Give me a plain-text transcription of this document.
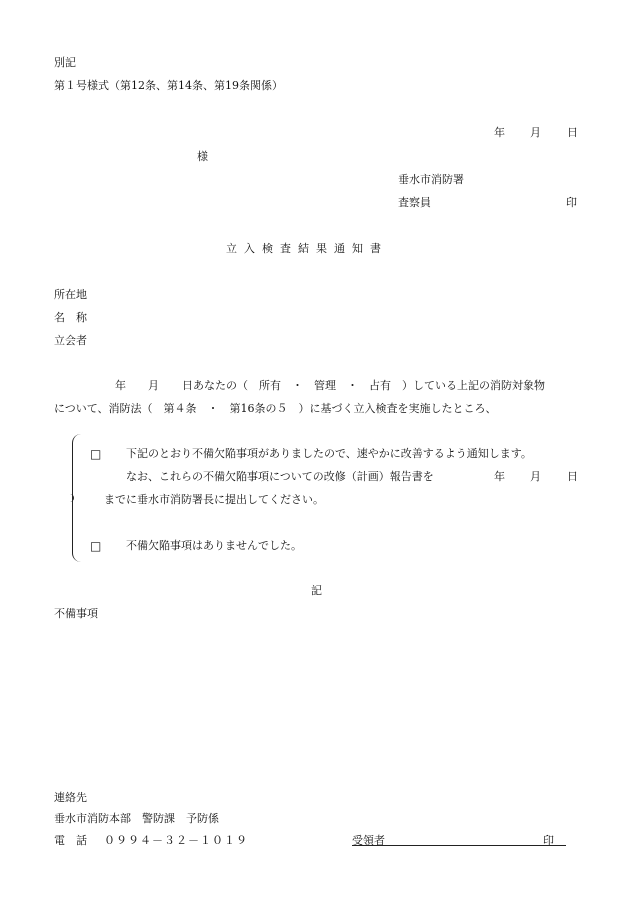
別記
第１号様式（第12条、第14条、第19条関係）
年 月 日
様
垂水市消防署
査察員	印
立入検査結果通知書
所在地
名　称
立会者
年 月 日あなたの（　所有　・　管理　・　占有　）している上記の消防対象物
について、消防法（　第４条　・　第16条の５　）に基づく立入検査を実施したところ、
□ 下記のとおり不備欠陥事項がありましたので、速やかに改善するよう通知します。
なお、これらの不備欠陥事項についての改修（計画）報告書を	年 月 日
までに垂水市消防署長に提出してください。
□ 不備欠陥事項はありませんでした。
記
不備事項
連絡先
垂水市消防本部　警防課　予防係
電　話 ０９９４－３２－１０１９	受領者	印
